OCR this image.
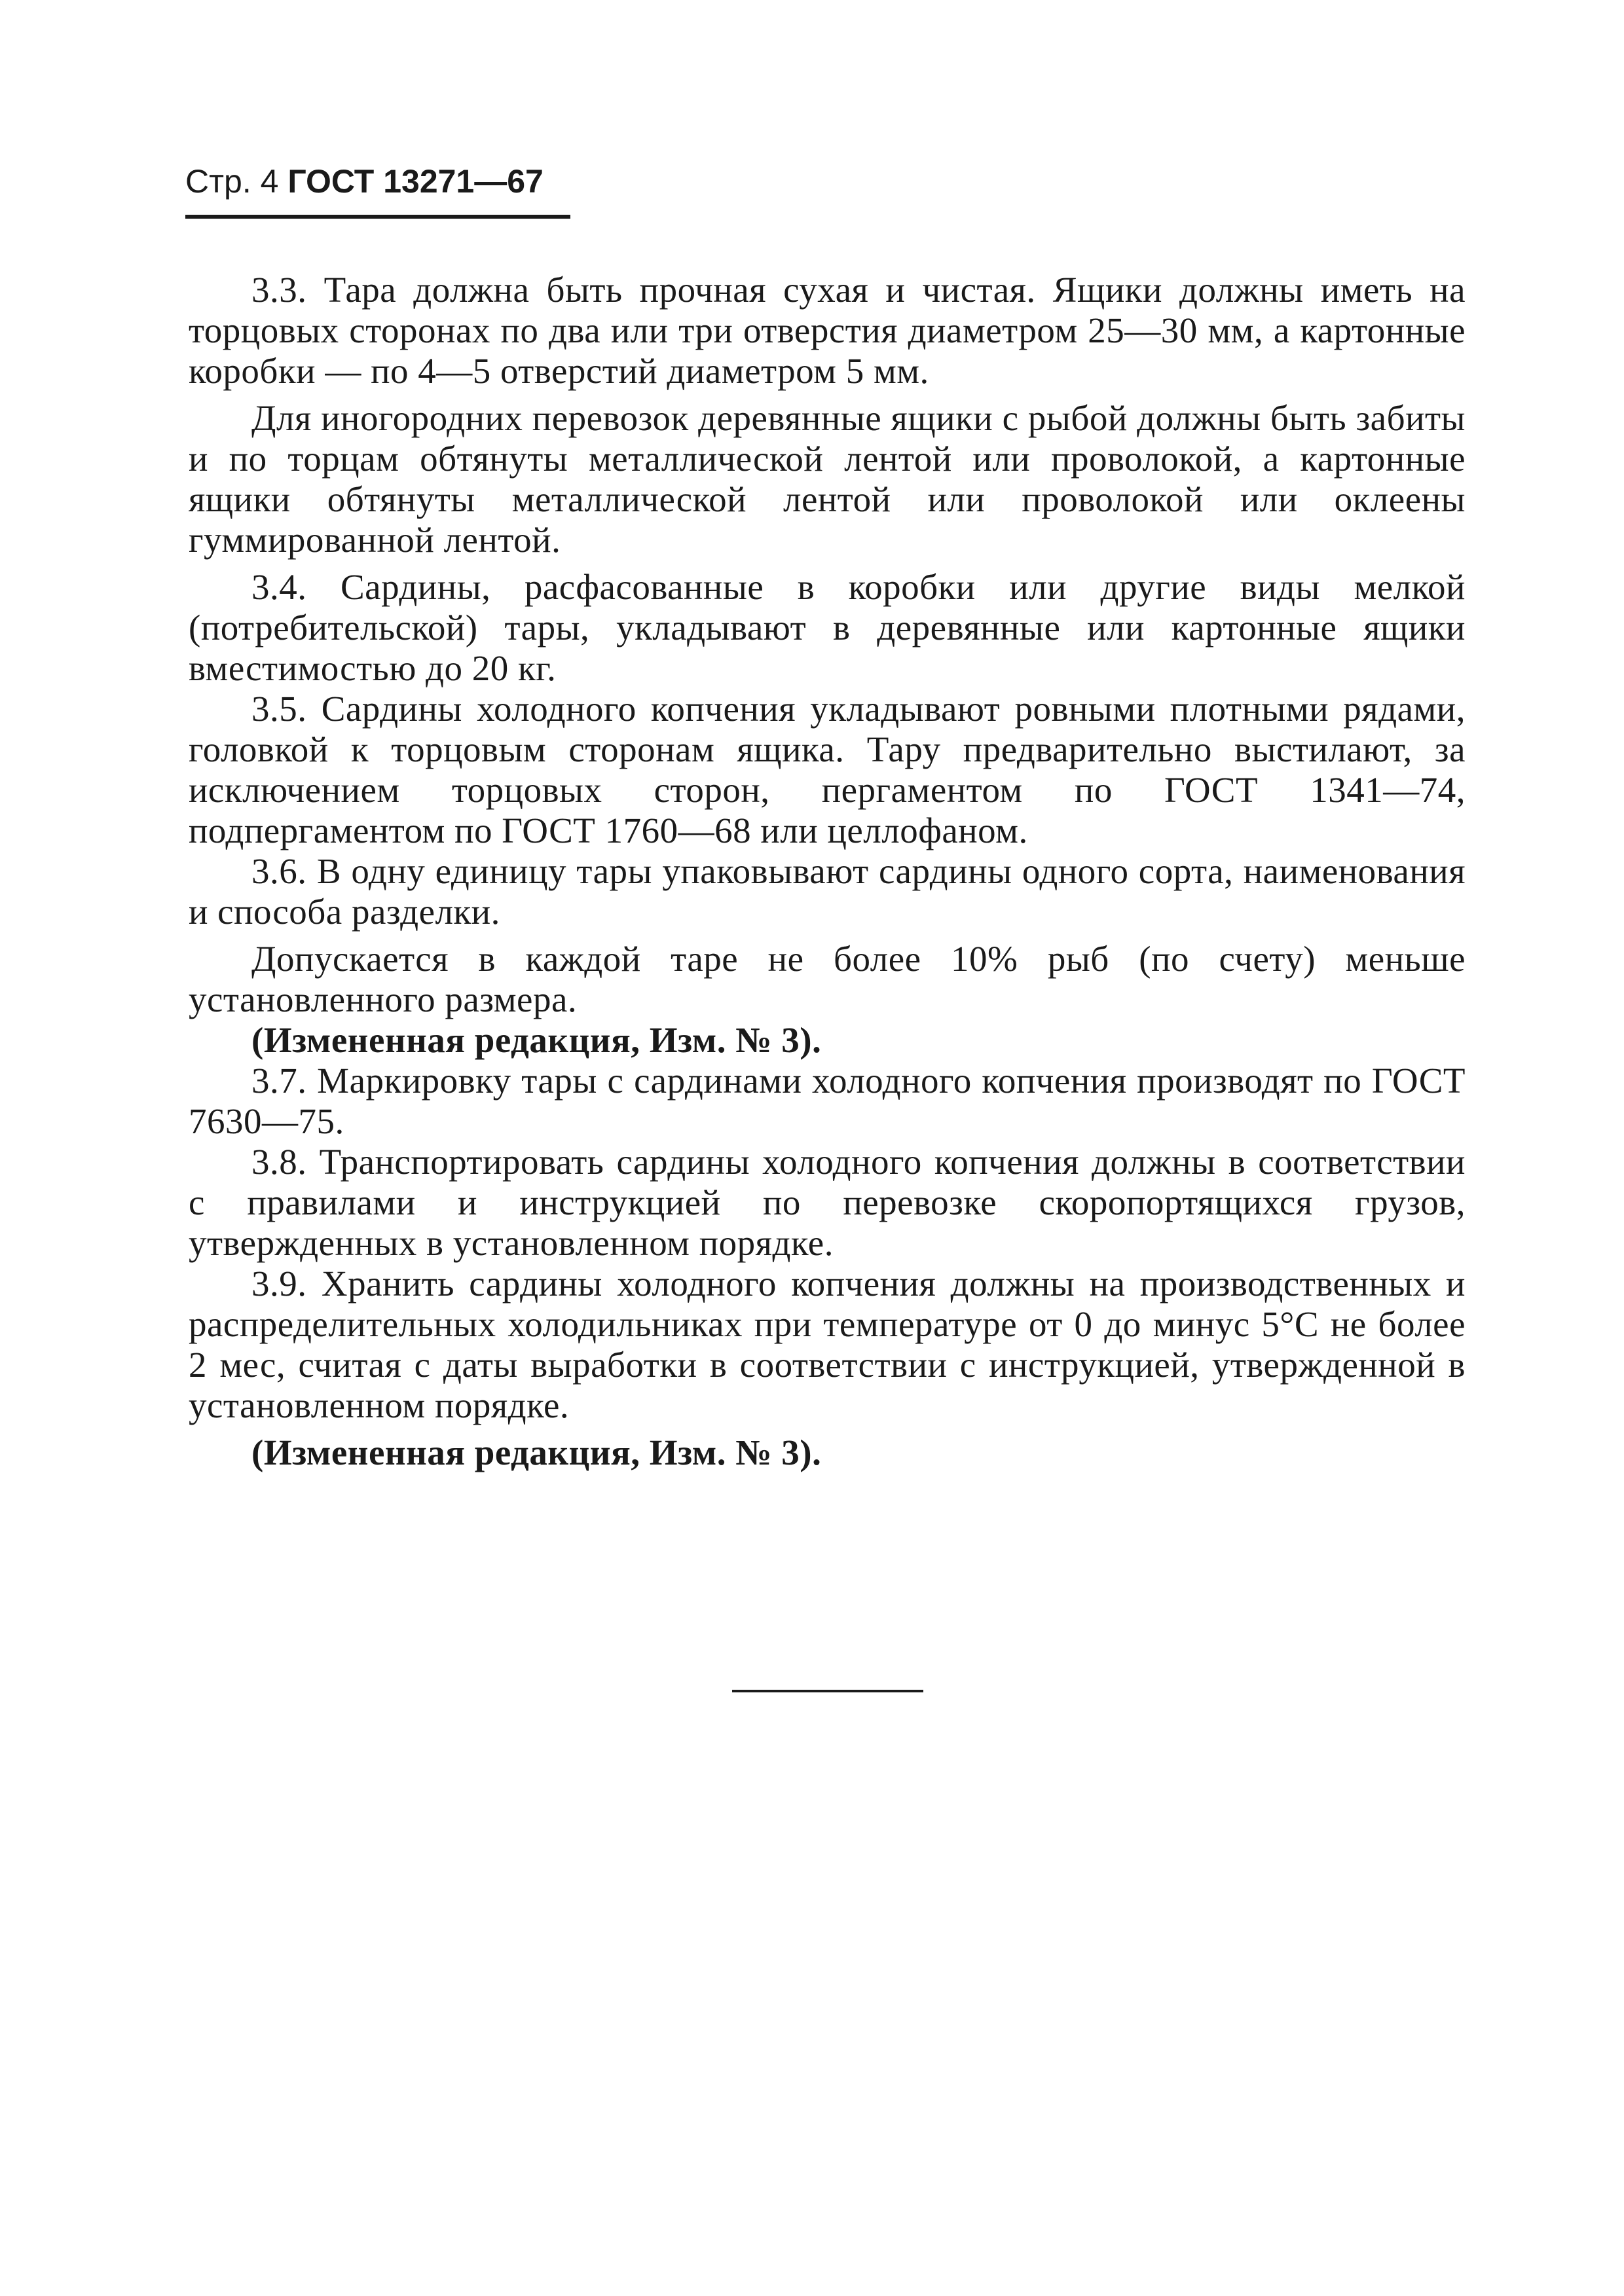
Стр. 4 ГОСТ 13271—67

3.3. Тара должна быть прочная сухая и чистая. Ящики должны иметь на торцовых сторонах по два или три отверстия диаметром 25—30 мм, а картонные коробки — по 4—5 отверстий диаметром 5 мм.

Для иногородних перевозок деревянные ящики с рыбой должны быть забиты и по торцам обтянуты металлической лентой или проволокой, а картонные ящики обтянуты металлической лентой или проволокой или оклеены гуммированной лентой.

3.4. Сардины, расфасованные в коробки или другие виды мелкой (потребительской) тары, укладывают в деревянные или картонные ящики вместимостью до 20 кг.

3.5. Сардины холодного копчения укладывают ровными плотными рядами, головкой к торцовым сторонам ящика. Тару предварительно выстилают, за исключением торцовых сторон, пергаментом по ГОСТ 1341—74, подпергаментом по ГОСТ 1760—68 или целлофаном.

3.6. В одну единицу тары упаковывают сардины одного сорта, наименования и способа разделки.

Допускается в каждой таре не более 10% рыб (по счету) меньше установленного размера.

(Измененная редакция, Изм. № 3).

3.7. Маркировку тары с сардинами холодного копчения производят по ГОСТ 7630—75.

3.8. Транспортировать сардины холодного копчения должны в соответствии с правилами и инструкцией по перевозке скоропортящихся грузов, утвержденных в установленном порядке.

3.9. Хранить сардины холодного копчения должны на производственных и распределительных холодильниках при температуре от 0 до минус 5°С не более 2 мес, считая с даты выработки в соответствии с инструкцией, утвержденной в установленном порядке.

(Измененная редакция, Изм. № 3).
